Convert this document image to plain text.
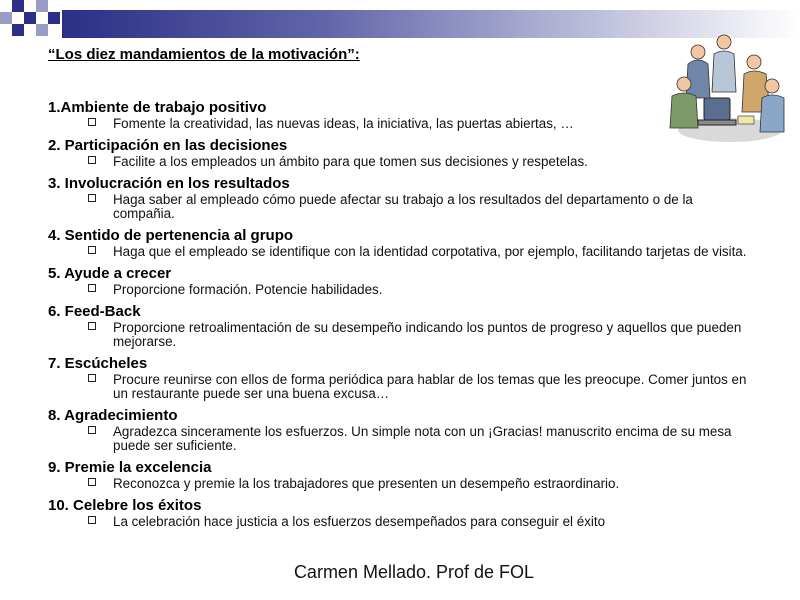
“Los diez mandamientos de la motivación”:
1.Ambiente de trabajo positivo
Fomente la creatividad, las nuevas ideas, la iniciativa, las puertas abiertas, …
2. Participación en las decisiones
Facilite a los empleados un ámbito para que tomen sus decisiones y respetelas.
3. Involucración en los resultados
Haga saber al empleado cómo puede afectar su trabajo a los resultados del departamento o de la compañia.
4. Sentido de pertenencia al grupo
Haga que el empleado se identifique con la identidad corpotativa, por ejemplo, facilitando tarjetas de visita.
5. Ayude a crecer
Proporcione formación. Potencie habilidades.
6. Feed-Back
Proporcione retroalimentación de su desempeño indicando los puntos de progreso y aquellos que pueden mejorarse.
7. Escúcheles
Procure reunirse con ellos de forma periódica para hablar de los temas que les preocupe. Comer juntos en un restaurante puede ser una buena excusa…
8. Agradecimiento
Agradezca sinceramente los esfuerzos. Un simple nota con un ¡Gracias! manuscrito encima de su mesa puede ser suficiente.
9. Premie la excelencia
Reconozca y premie la los trabajadores que presenten un desempeño estraordinario.
10. Celebre los éxitos
La celebración hace justicia a los esfuerzos desempeñados para conseguir el éxito
Carmen Mellado. Prof de FOL
